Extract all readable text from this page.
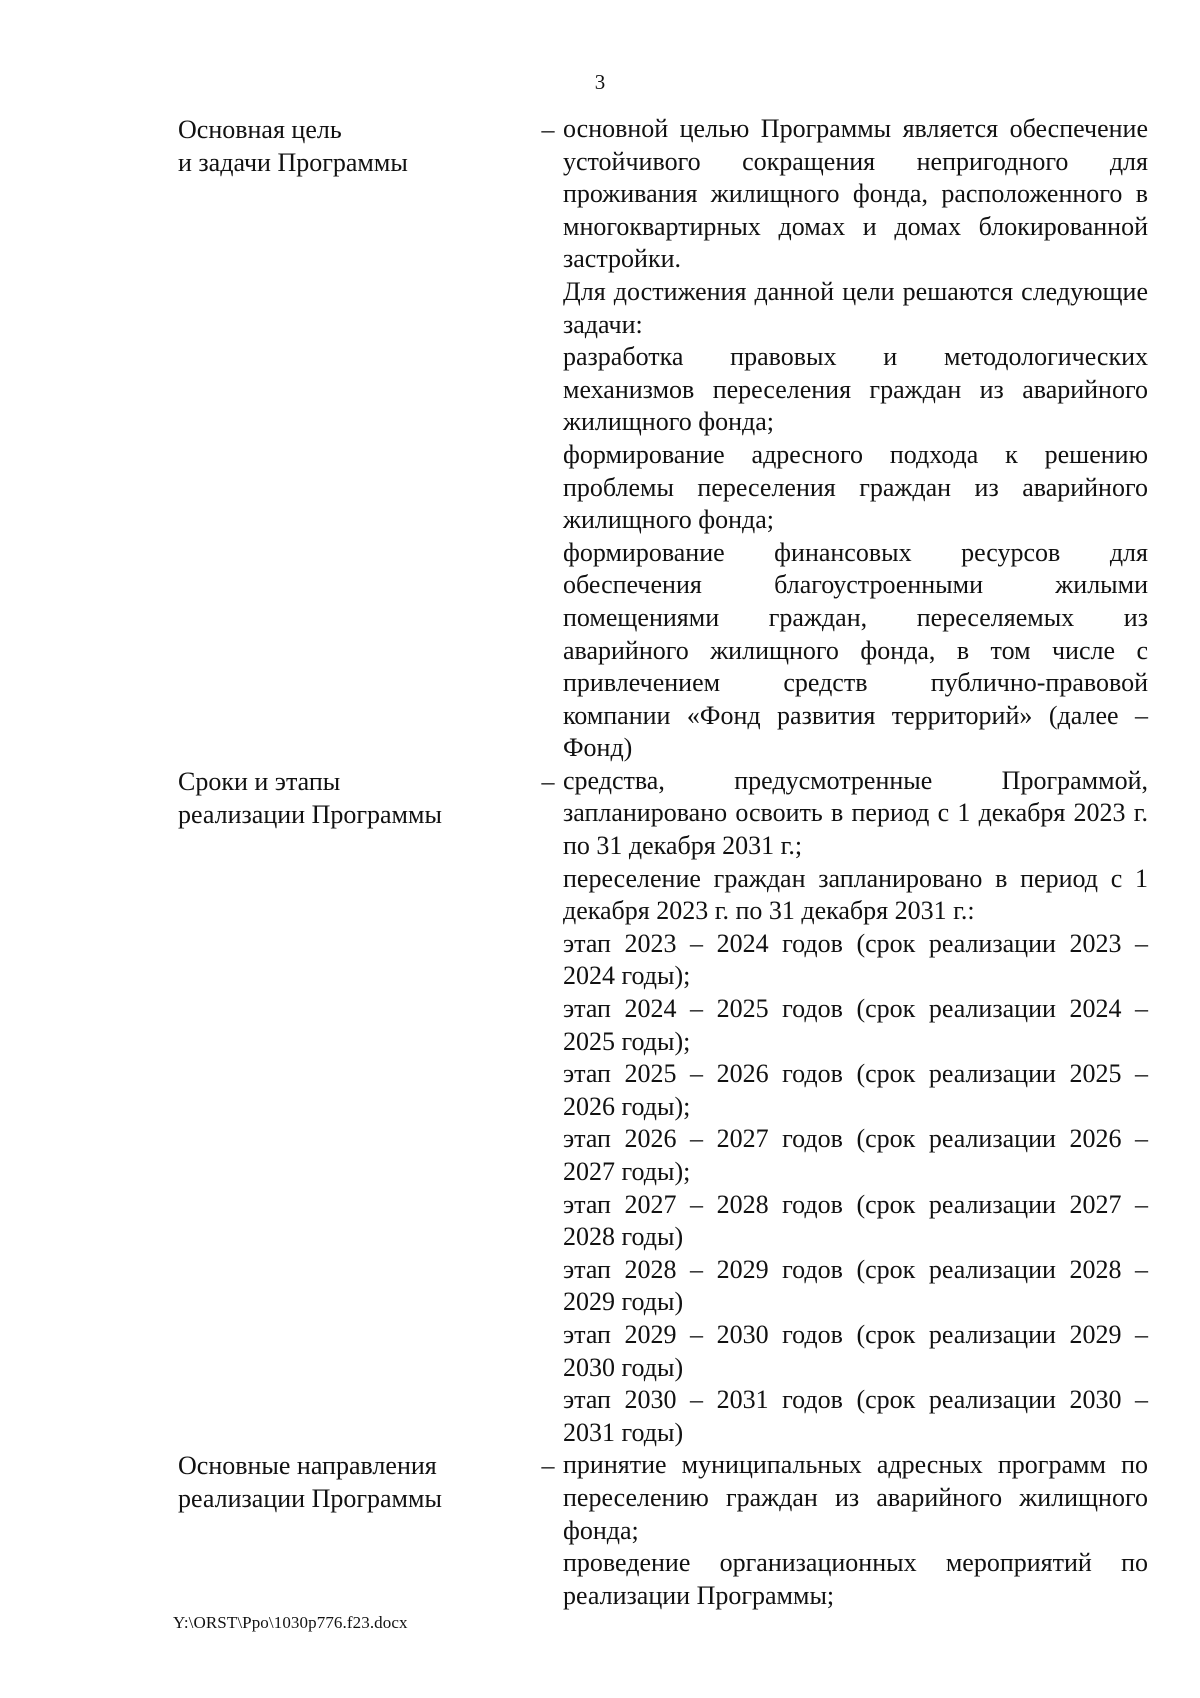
3
Основная цель
и задачи Программы
– основной целью Программы является обеспечение устойчивого сокращения непригодного для проживания жилищного фонда, расположенного в многоквартирных домах и домах блокированной застройки.

Для достижения данной цели решаются следующие задачи:

разработка правовых и методологических механизмов переселения граждан из аварийного жилищного фонда;

формирование адресного подхода к решению проблемы переселения граждан из аварийного жилищного фонда;

формирование финансовых ресурсов для обеспечения благоустроенными жилыми помещениями граждан, переселяемых из аварийного жилищного фонда, в том числе с привлечением средств публично-правовой компании «Фонд развития территорий» (далее – Фонд)

Сроки и этапы
реализации Программы
– средства, предусмотренные Программой, запланировано освоить в период с 1 декабря 2023 г. по 31 декабря 2031 г.;

переселение граждан запланировано в период с 1 декабря 2023 г. по 31 декабря 2031 г.:

этап 2023 – 2024 годов (срок реализации 2023 – 2024 годы);

этап 2024 – 2025 годов (срок реализации 2024 – 2025 годы);

этап 2025 – 2026 годов (срок реализации 2025 – 2026 годы);

этап 2026 – 2027 годов (срок реализации 2026 – 2027 годы);

этап 2027 – 2028 годов (срок реализации 2027 – 2028 годы)

этап 2028 – 2029 годов (срок реализации 2028 – 2029 годы)

этап 2029 – 2030 годов (срок реализации 2029 – 2030 годы)

этап 2030 – 2031 годов (срок реализации 2030 – 2031 годы)

Основные направления
реализации Программы
– принятие муниципальных адресных программ по переселению граждан из аварийного жилищного фонда;

проведение организационных мероприятий по реализации Программы;

Y:\ORST\Ppo\1030p776.f23.docx
